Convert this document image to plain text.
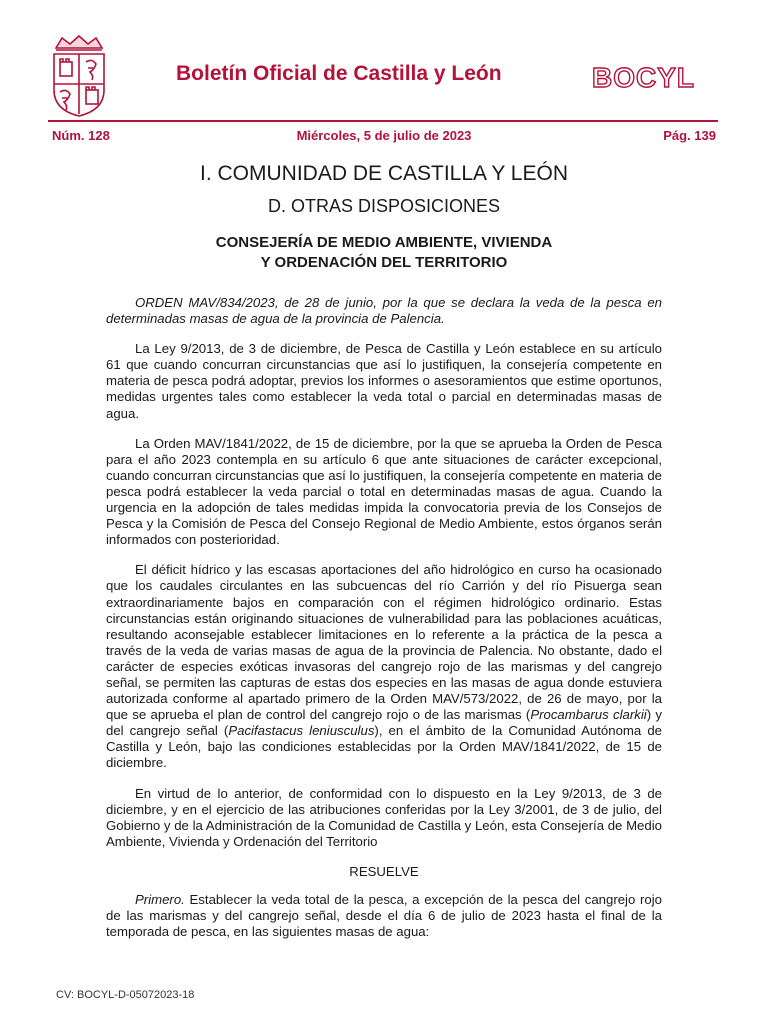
Boletín Oficial de Castilla y León	BOCYL
Núm. 128	Miércoles, 5 de julio de 2023	Pág. 139
I. COMUNIDAD DE CASTILLA Y LEÓN
D. OTRAS DISPOSICIONES
CONSEJERÍA DE MEDIO AMBIENTE, VIVIENDA
Y ORDENACIÓN DEL TERRITORIO

ORDEN MAV/834/2023, de 28 de junio, por la que se declara la veda de la pesca en determinadas masas de agua de la provincia de Palencia.

La Ley 9/2013, de 3 de diciembre, de Pesca de Castilla y León establece en su artículo 61 que cuando concurran circunstancias que así lo justifiquen, la consejería competente en materia de pesca podrá adoptar, previos los informes o asesoramientos que estime oportunos, medidas urgentes tales como establecer la veda total o parcial en determinadas masas de agua.

La Orden MAV/1841/2022, de 15 de diciembre, por la que se aprueba la Orden de Pesca para el año 2023 contempla en su artículo 6 que ante situaciones de carácter excepcional, cuando concurran circunstancias que así lo justifiquen, la consejería competente en materia de pesca podrá establecer la veda parcial o total en determinadas masas de agua. Cuando la urgencia en la adopción de tales medidas impida la convocatoria previa de los Consejos de Pesca y la Comisión de Pesca del Consejo Regional de Medio Ambiente, estos órganos serán informados con posterioridad.

El déficit hídrico y las escasas aportaciones del año hidrológico en curso ha ocasionado que los caudales circulantes en las subcuencas del río Carrión y del río Pisuerga sean extraordinariamente bajos en comparación con el régimen hidrológico ordinario. Estas circunstancias están originando situaciones de vulnerabilidad para las poblaciones acuáticas, resultando aconsejable establecer limitaciones en lo referente a la práctica de la pesca a través de la veda de varias masas de agua de la provincia de Palencia. No obstante, dado el carácter de especies exóticas invasoras del cangrejo rojo de las marismas y del cangrejo señal, se permiten las capturas de estas dos especies en las masas de agua donde estuviera autorizada conforme al apartado primero de la Orden MAV/573/2022, de 26 de mayo, por la que se aprueba el plan de control del cangrejo rojo o de las marismas (Procambarus clarkii) y del cangrejo señal (Pacifastacus leniusculus), en el ámbito de la Comunidad Autónoma de Castilla y León, bajo las condiciones establecidas por la Orden MAV/1841/2022, de 15 de diciembre.

En virtud de lo anterior, de conformidad con lo dispuesto en la Ley 9/2013, de 3 de diciembre, y en el ejercicio de las atribuciones conferidas por la Ley 3/2001, de 3 de julio, del Gobierno y de la Administración de la Comunidad de Castilla y León, esta Consejería de Medio Ambiente, Vivienda y Ordenación del Territorio

RESUELVE

Primero. Establecer la veda total de la pesca, a excepción de la pesca del cangrejo rojo de las marismas y del cangrejo señal, desde el día 6 de julio de 2023 hasta el final de la temporada de pesca, en las siguientes masas de agua:

CV: BOCYL-D-05072023-18
